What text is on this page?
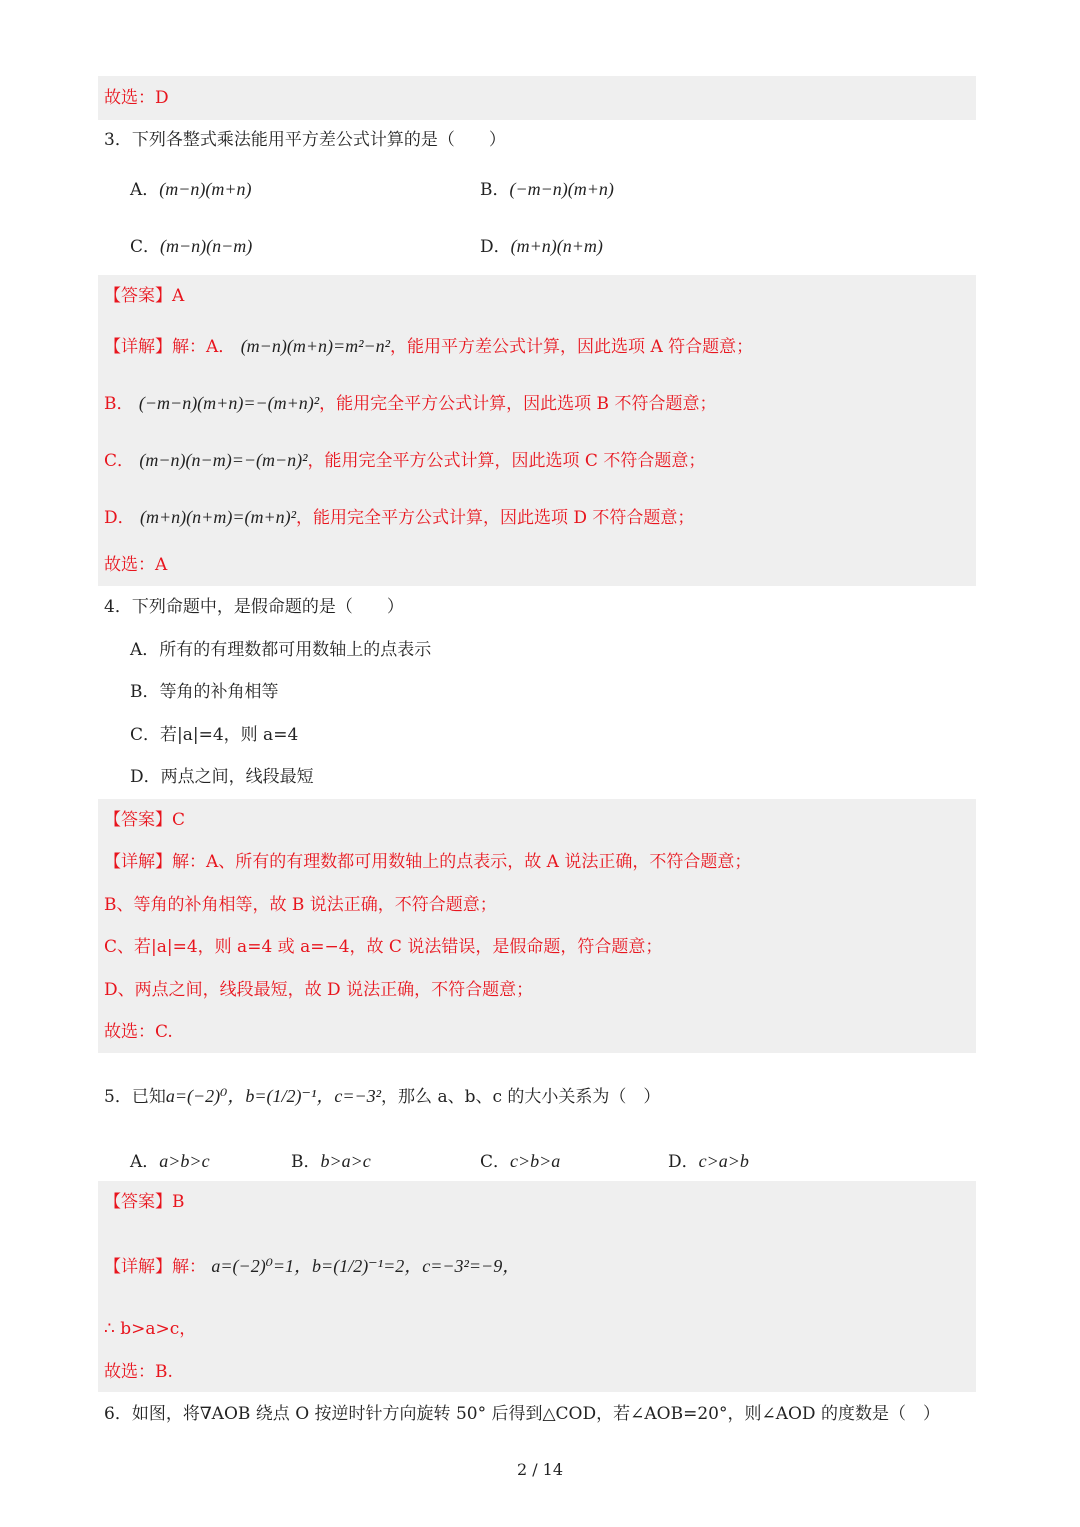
故选：D
3．下列各整式乘法能用平方差公式计算的是（　　）
A．(m−n)(m+n)	B．(−m−n)(m+n)
C．(m−n)(n−m)	D．(m+n)(n+m)
【答案】A
【详解】解：A． (m−n)(m+n)=m²−n²，能用平方差公式计算，因此选项 A 符合题意；
B． (−m−n)(m+n)=−(m+n)²，能用完全平方公式计算，因此选项 B 不符合题意；
C． (m−n)(n−m)=−(m−n)²，能用完全平方公式计算，因此选项 C 不符合题意；
D． (m+n)(n+m)=(m+n)²，能用完全平方公式计算，因此选项 D 不符合题意；
故选：A
4．下列命题中，是假命题的是（　　）
A．所有的有理数都可用数轴上的点表示
B．等角的补角相等
C．若|a|=4，则 a=4
D．两点之间，线段最短
【答案】C
【详解】解：A、所有的有理数都可用数轴上的点表示，故 A 说法正确，不符合题意；
B、等角的补角相等，故 B 说法正确，不符合题意；
C、若|a|=4，则 a=4 或 a=−4，故 C 说法错误，是假命题，符合题意；
D、两点之间，线段最短，故 D 说法正确，不符合题意；
故选：C.
5．已知a=(−2)⁰，b=(1/2)⁻¹，c=−3²，那么 a、b、c 的大小关系为（　）
A．a>b>c	B．b>a>c	C．c>b>a	D．c>a>b
【答案】B
【详解】解： a=(−2)⁰=1，b=(1/2)⁻¹=2，c=−3²=−9，
∴ b>a>c，
故选：B.
6．如图，将∇AOB 绕点 O 按逆时针方向旋转 50° 后得到△COD，若∠AOB=20°，则∠AOD 的度数是（　）
2 / 14
